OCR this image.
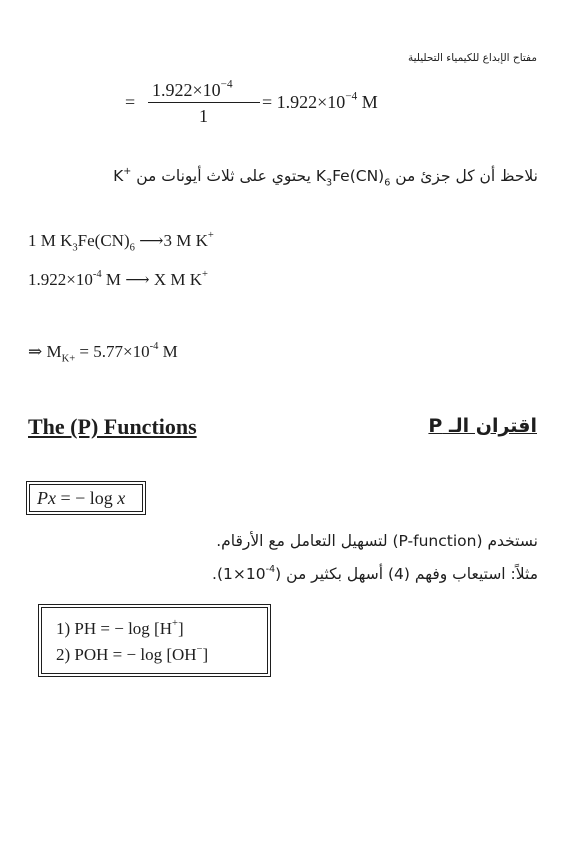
مفتاح الإبداع للكيمياء التحليلية
=
$1.922\times 10^{-4}$
1
= $1.922\times 10^{-4}$ M
نلاحظ أن كل جزئ من $K_3Fe(CN)_6$ يحتوي على ثلاث أيونات من K+
1 M $K_3Fe(CN)_6$ ⟶3 M K+
$1.922\times 10^{-4}$ M ⟶ X M K+
⇒ $M_{K+} = 5.77\times 10^{-4}$ M
The (P) Functions	اقتران الـ P
Px = − log x
نستخدم (P-function) لتسهيل التعامل مع الأرقام.
مثلاً: استيعاب وفهم (4) أسهل بكثير من $(1\times 10^{-4})$.
1) PH = − log [H+]
2) POH = − log [OH−]
